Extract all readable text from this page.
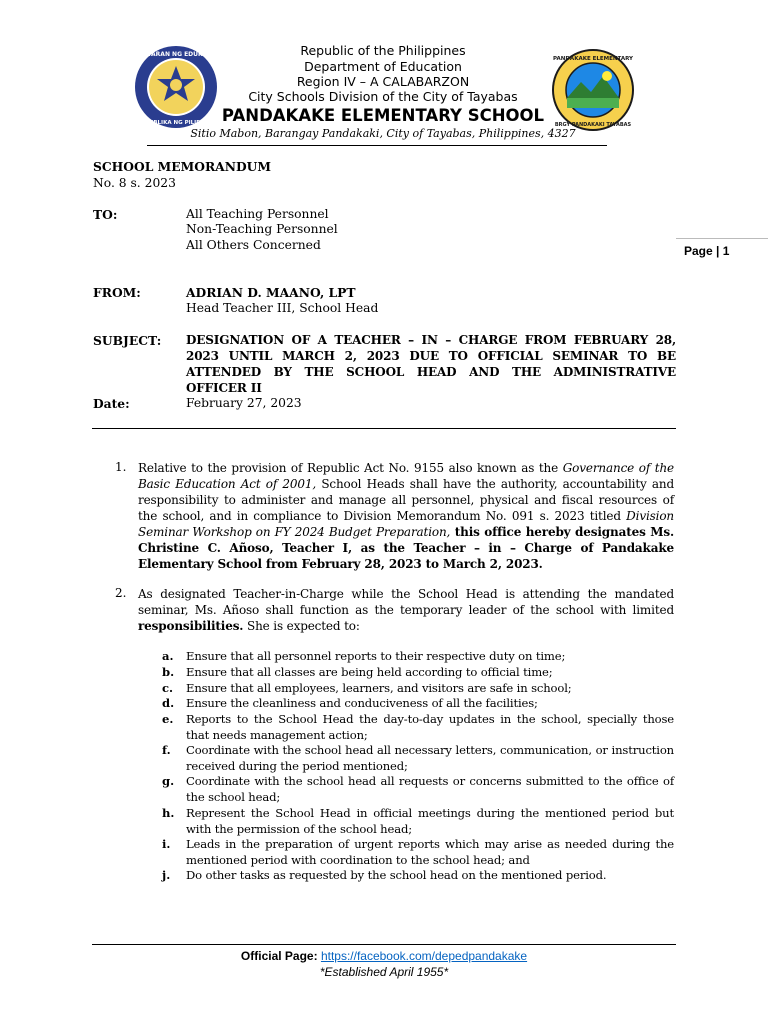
KAGAWARAN NG EDUKASYON
REPUBLIKA NG PILIPINAS
PANDAKAKE ELEMENTARY
BRGY PANDAKAKI TAYABAS
Republic of the Philippines
Department of Education
Region IV – A CALABARZON
City Schools Division of the City of Tayabas
PANDAKAKE ELEMENTARY SCHOOL
Sitio Mabon, Barangay Pandakaki, City of Tayabas, Philippines, 4327
Page | 1
SCHOOL MEMORANDUM
No. 8 s. 2023
TO:	All Teaching Personnel
Non-Teaching Personnel
All Others Concerned
FROM:	ADRIAN D. MAANO, LPT
Head Teacher III, School Head
SUBJECT: DESIGNATION OF A TEACHER – IN – CHARGE FROM FEBRUARY 28, 2023 UNTIL MARCH 2, 2023 DUE TO OFFICIAL SEMINAR TO BE ATTENDED BY THE SCHOOL HEAD AND THE ADMINISTRATIVE OFFICER II
Date:	February 27, 2023
1. Relative to the provision of Republic Act No. 9155 also known as the Governance of the Basic Education Act of 2001, School Heads shall have the authority, accountability and responsibility to administer and manage all personnel, physical and fiscal resources of the school, and in compliance to Division Memorandum No. 091 s. 2023 titled Division Seminar Workshop on FY 2024 Budget Preparation, this office hereby designates Ms. Christine C. Añoso, Teacher I, as the Teacher – in – Charge of Pandakake Elementary School from February 28, 2023 to March 2, 2023.
2. As designated Teacher-in-Charge while the School Head is attending the mandated seminar, Ms. Añoso shall function as the temporary leader of the school with limited responsibilities. She is expected to:
a. Ensure that all personnel reports to their respective duty on time;
b. Ensure that all classes are being held according to official time;
c. Ensure that all employees, learners, and visitors are safe in school;
d. Ensure the cleanliness and conduciveness of all the facilities;
e. Reports to the School Head the day-to-day updates in the school, specially those that needs management action;
f. Coordinate with the school head all necessary letters, communication, or instruction received during the period mentioned;
g. Coordinate with the school head all requests or concerns submitted to the office of the school head;
h. Represent the School Head in official meetings during the mentioned period but with the permission of the school head;
i. Leads in the preparation of urgent reports which may arise as needed during the mentioned period with coordination to the school head; and
j. Do other tasks as requested by the school head on the mentioned period.
Official Page: https://facebook.com/depedpandakake
*Established April 1955*
